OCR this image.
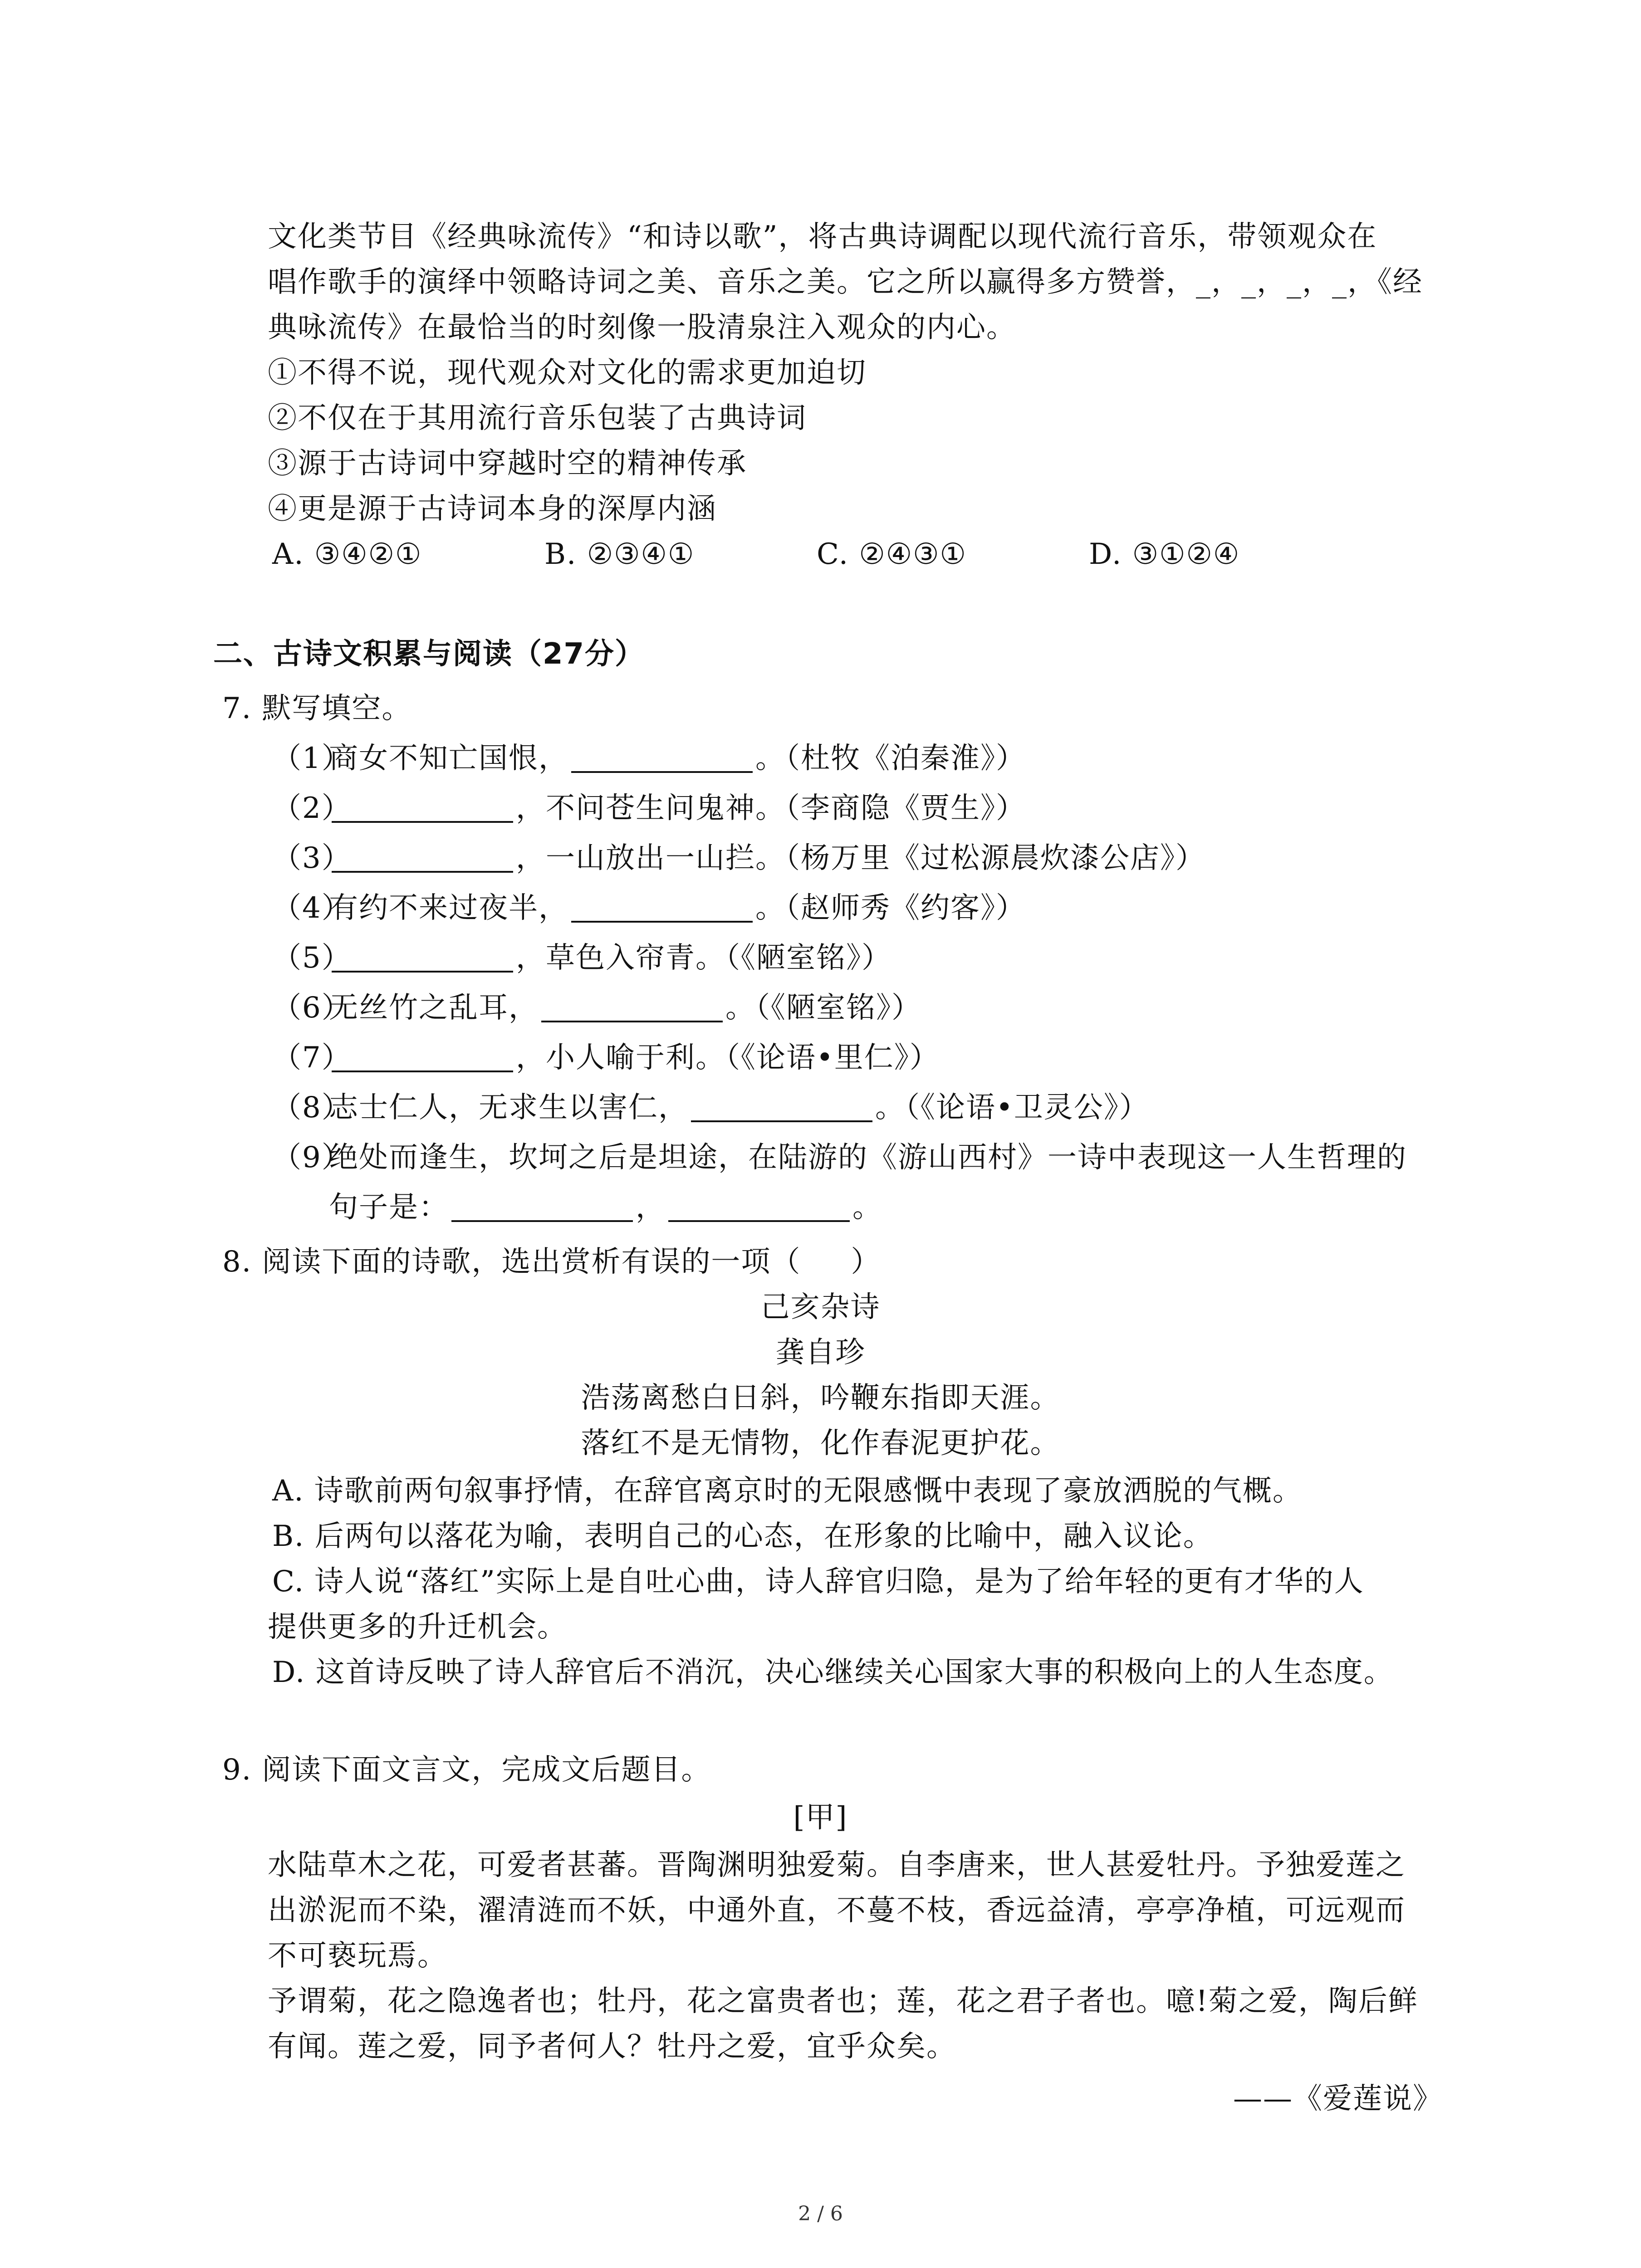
文化类节目《经典咏流传》“和诗以歌”，将古典诗调配以现代流行音乐，带领观众在
唱作歌手的演绎中领略诗词之美、音乐之美。它之所以赢得多方赞誉，_，_，_，_，《经
典咏流传》在最恰当的时刻像一股清泉注入观众的内心。
①不得不说，现代观众对文化的需求更加迫切
②不仅在于其用流行音乐包装了古典诗词
③源于古诗词中穿越时空的精神传承
④更是源于古诗词本身的深厚内涵
A. ③④②①	B. ②③④①	C. ②④③①	D. ③①②④
二、古诗文积累与阅读（27分）
7. 默写填空。
（1）商女不知亡国恨，	。（杜牧《泊秦淮》）
（2）	，不问苍生问鬼神。（李商隐《贾生》）
（3）	，一山放出一山拦。（杨万里《过松源晨炊漆公店》）
（4）有约不来过夜半，	。（赵师秀《约客》）
（5）	，草色入帘青。（《陋室铭》）
（6）无丝竹之乱耳，	。（《陋室铭》）
（7）	，小人喻于利。（《论语•里仁》）
（8）志士仁人，无求生以害仁，	。（《论语•卫灵公》）
（9）绝处而逢生，坎坷之后是坦途，在陆游的《游山西村》一诗中表现这一人生哲理的
句子是：	，	。
8. 阅读下面的诗歌，选出赏析有误的一项（ ）
己亥杂诗
龚自珍
浩荡离愁白日斜，吟鞭东指即天涯。
落红不是无情物，化作春泥更护花。
A. 诗歌前两句叙事抒情，在辞官离京时的无限感慨中表现了豪放洒脱的气概。
B. 后两句以落花为喻，表明自己的心态，在形象的比喻中，融入议论。
C. 诗人说“落红”实际上是自吐心曲，诗人辞官归隐，是为了给年轻的更有才华的人
提供更多的升迁机会。
D. 这首诗反映了诗人辞官后不消沉，决心继续关心国家大事的积极向上的人生态度。
9. 阅读下面文言文，完成文后题目。
[甲]
水陆草木之花，可爱者甚蕃。晋陶渊明独爱菊。自李唐来，世人甚爱牡丹。予独爱莲之
出淤泥而不染，濯清涟而不妖，中通外直，不蔓不枝，香远益清，亭亭净植，可远观而
不可亵玩焉。
予谓菊，花之隐逸者也；牡丹，花之富贵者也；莲，花之君子者也。噫!菊之爱，陶后鲜
有闻。莲之爱，同予者何人？牡丹之爱，宜乎众矣。
——《爱莲说》
2 / 6
